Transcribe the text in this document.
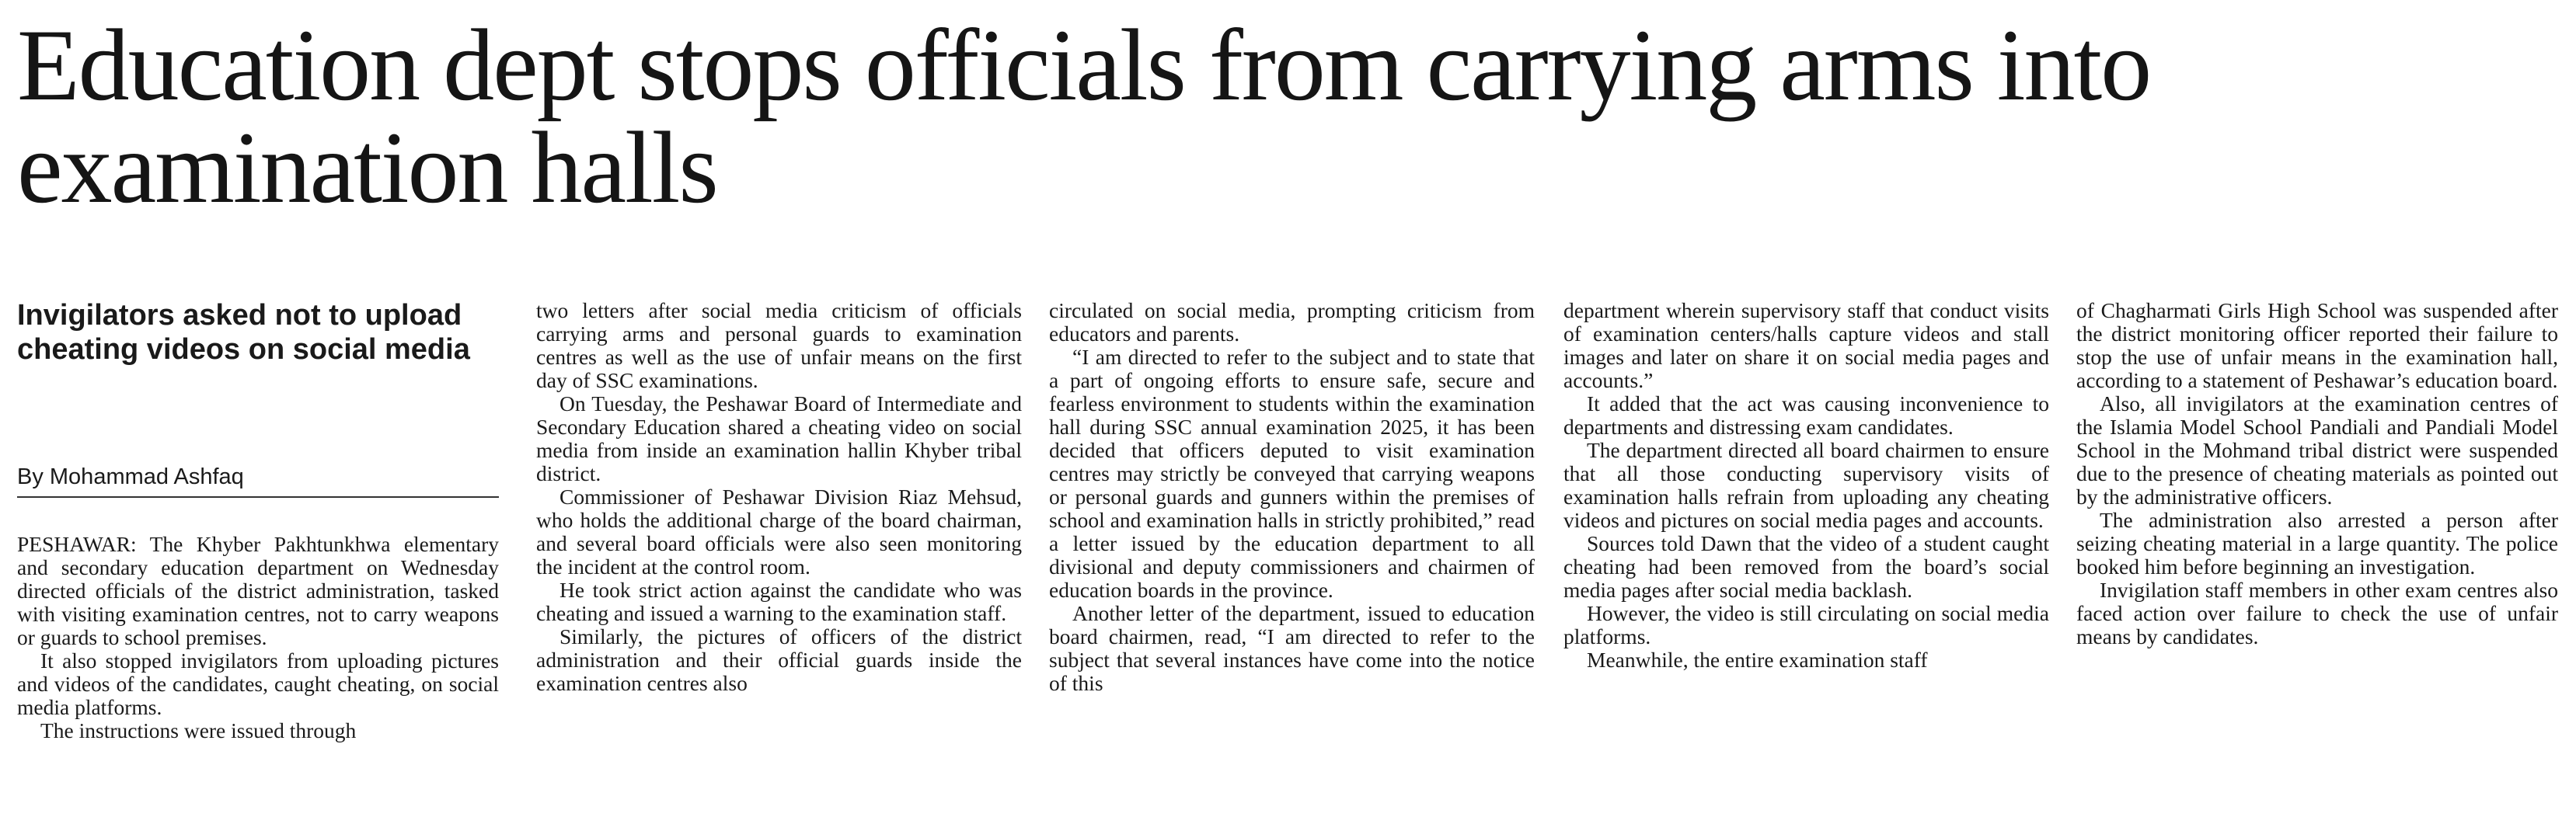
Education dept stops officials from carrying arms into examination halls
Invigilators asked not to upload cheating videos on social media
By Mohammad Ashfaq

PESHAWAR: The Khyber Pakhtunkhwa elementary and secondary education department on Wednesday directed officials of the district administration, tasked with visiting examination centres, not to carry weapons or guards to school premises.

It also stopped invigilators from uploading pictures and videos of the candidates, caught cheating, on social media platforms.

The instructions were issued through

two letters after social media criticism of officials carrying arms and personal guards to examination centres as well as the use of unfair means on the first day of SSC examinations.

On Tuesday, the Peshawar Board of Intermediate and Secondary Education shared a cheating video on social media from inside an examination hallin Khyber tribal district.

Commissioner of Peshawar Division Riaz Mehsud, who holds the additional charge of the board chairman, and several board officials were also seen monitoring the incident at the control room.

He took strict action against the candidate who was cheating and issued a warning to the examination staff.

Similarly, the pictures of officers of the district administration and their official guards inside the examination centres also

circulated on social media, prompting criticism from educators and parents.

“I am directed to refer to the subject and to state that a part of ongoing efforts to ensure safe, secure and fearless environment to students within the examination hall during SSC annual examination 2025, it has been decided that officers deputed to visit examination centres may strictly be conveyed that carrying weapons or personal guards and gunners within the premises of school and examination halls in strictly prohibited,” read a letter issued by the education department to all divisional and deputy commissioners and chairmen of education boards in the province.

Another letter of the department, issued to education board chairmen, read, “I am directed to refer to the subject that several instances have come into the notice of this

department wherein supervisory staff that conduct visits of examination centers/halls capture videos and stall images and later on share it on social media pages and accounts.”

It added that the act was causing inconvenience to departments and distressing exam candidates.

The department directed all board chairmen to ensure that all those conducting supervisory visits of examination halls refrain from uploading any cheating videos and pictures on social media pages and accounts.

Sources told Dawn that the video of a student caught cheating had been removed from the board’s social media pages after social media backlash.

However, the video is still circulating on social media platforms.

Meanwhile, the entire examination staff

of Chagharmati Girls High School was suspended after the district monitoring officer reported their failure to stop the use of unfair means in the examination hall, according to a statement of Peshawar’s education board.

Also, all invigilators at the examination centres of the Islamia Model School Pandiali and Pandiali Model School in the Mohmand tribal district were suspended due to the presence of cheating materials as pointed out by the administrative officers.

The administration also arrested a person after seizing cheating material in a large quantity. The police booked him before beginning an investigation.

Invigilation staff members in other exam centres also faced action over failure to check the use of unfair means by candidates.
